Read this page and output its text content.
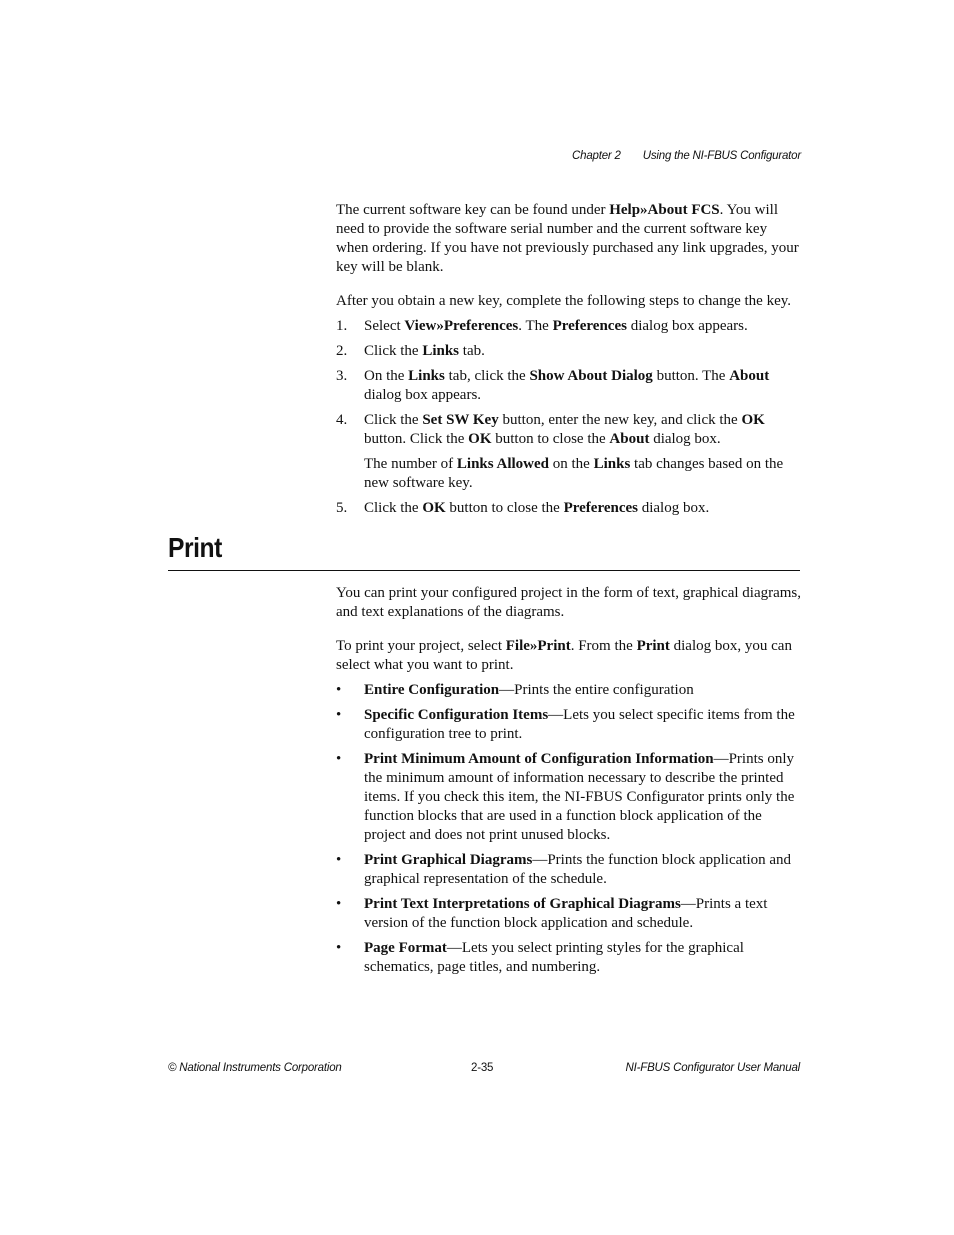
Chapter 2 Using the NI-FBUS Configurator

The current software key can be found under Help»About FCS. You will need to provide the software serial number and the current software key when ordering. If you have not previously purchased any link upgrades, your key will be blank.

After you obtain a new key, complete the following steps to change the key.

1. Select View»Preferences. The Preferences dialog box appears.
2. Click the Links tab.
3. On the Links tab, click the Show About Dialog button. The About dialog box appears.
4. Click the Set SW Key button, enter the new key, and click the OK button. Click the OK button to close the About dialog box.
The number of Links Allowed on the Links tab changes based on the new software key.
5. Click the OK button to close the Preferences dialog box.
Print

You can print your configured project in the form of text, graphical diagrams, and text explanations of the diagrams.

To print your project, select File»Print. From the Print dialog box, you can select what you want to print.

• Entire Configuration—Prints the entire configuration
• Specific Configuration Items—Lets you select specific items from the configuration tree to print.
• Print Minimum Amount of Configuration Information—Prints only the minimum amount of information necessary to describe the printed items. If you check this item, the NI-FBUS Configurator prints only the function blocks that are used in a function block application of the project and does not print unused blocks.
• Print Graphical Diagrams—Prints the function block application and graphical representation of the schedule.
• Print Text Interpretations of Graphical Diagrams—Prints a text version of the function block application and schedule.
• Page Format—Lets you select printing styles for the graphical schematics, page titles, and numbering.
© National Instruments Corporation	2-35	NI-FBUS Configurator User Manual
